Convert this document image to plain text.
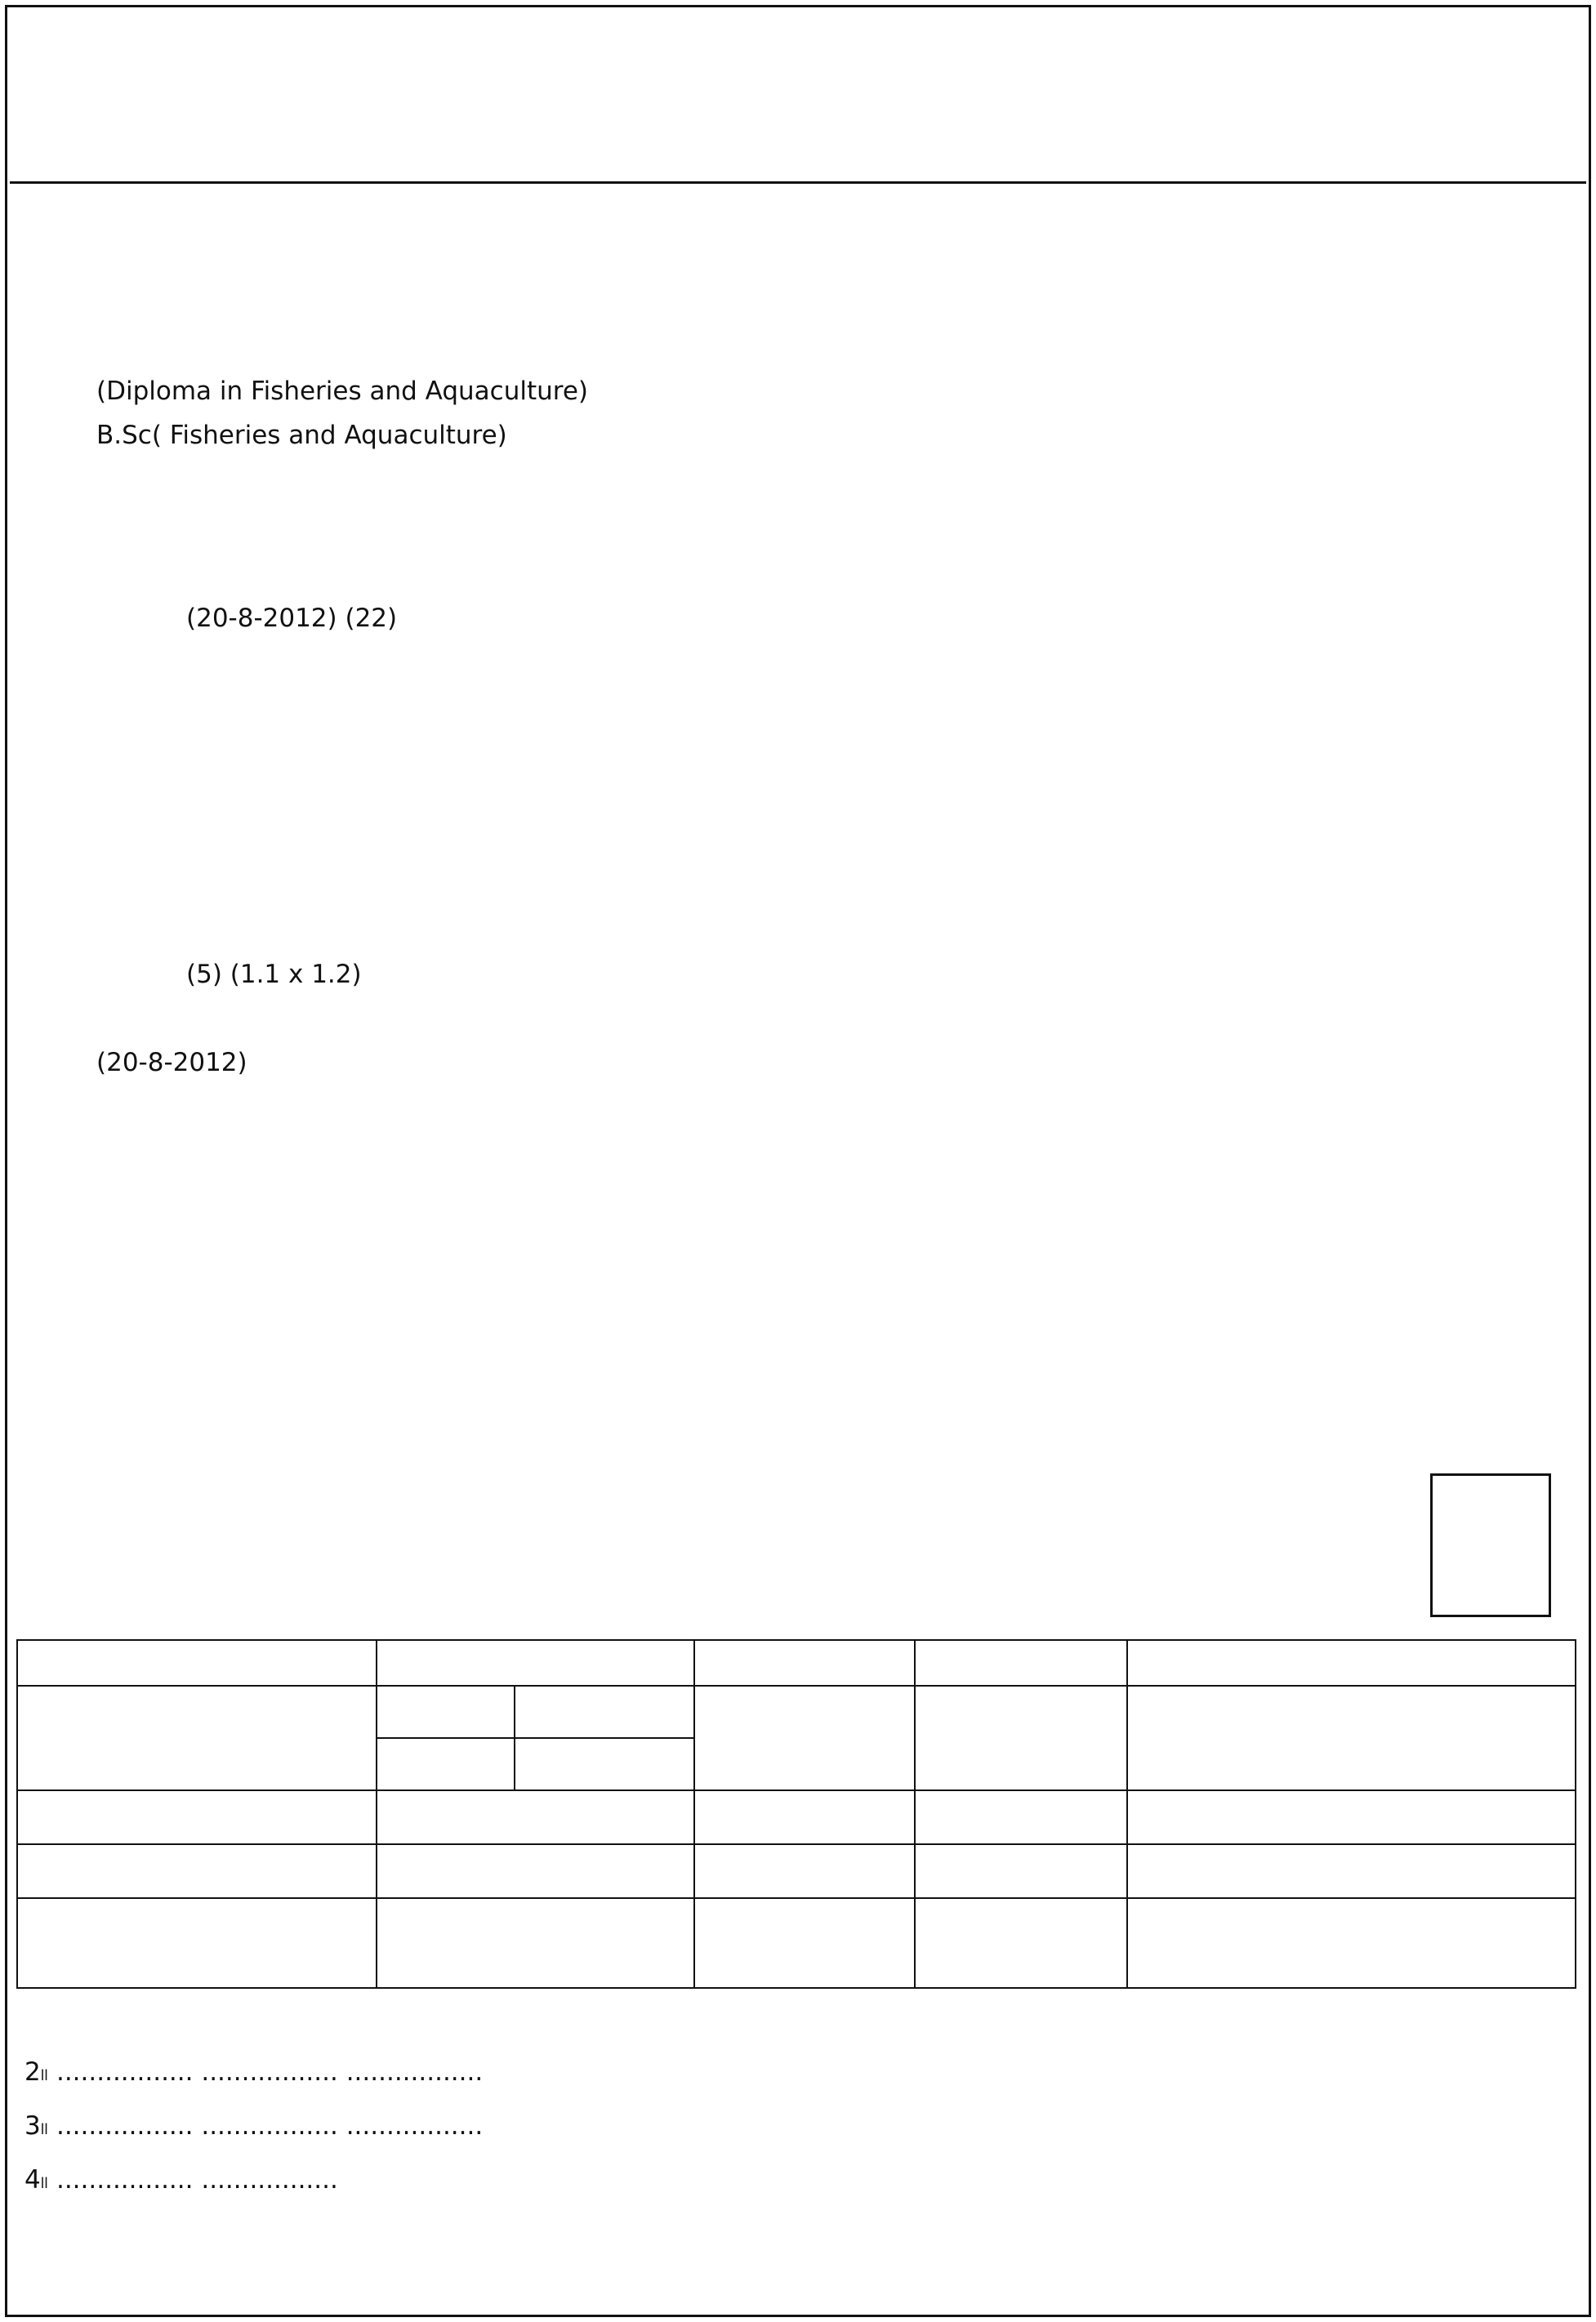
(Diploma in Fisheries and Aquaculture)
B.Sc( Fisheries and Aquaculture)
(20-8-2012) (22)
(5) (1.1 x 1.2)
(20-8-2012)

2။ ................. ................. .................
3။ ................. ................. .................
4။ ................. .................
